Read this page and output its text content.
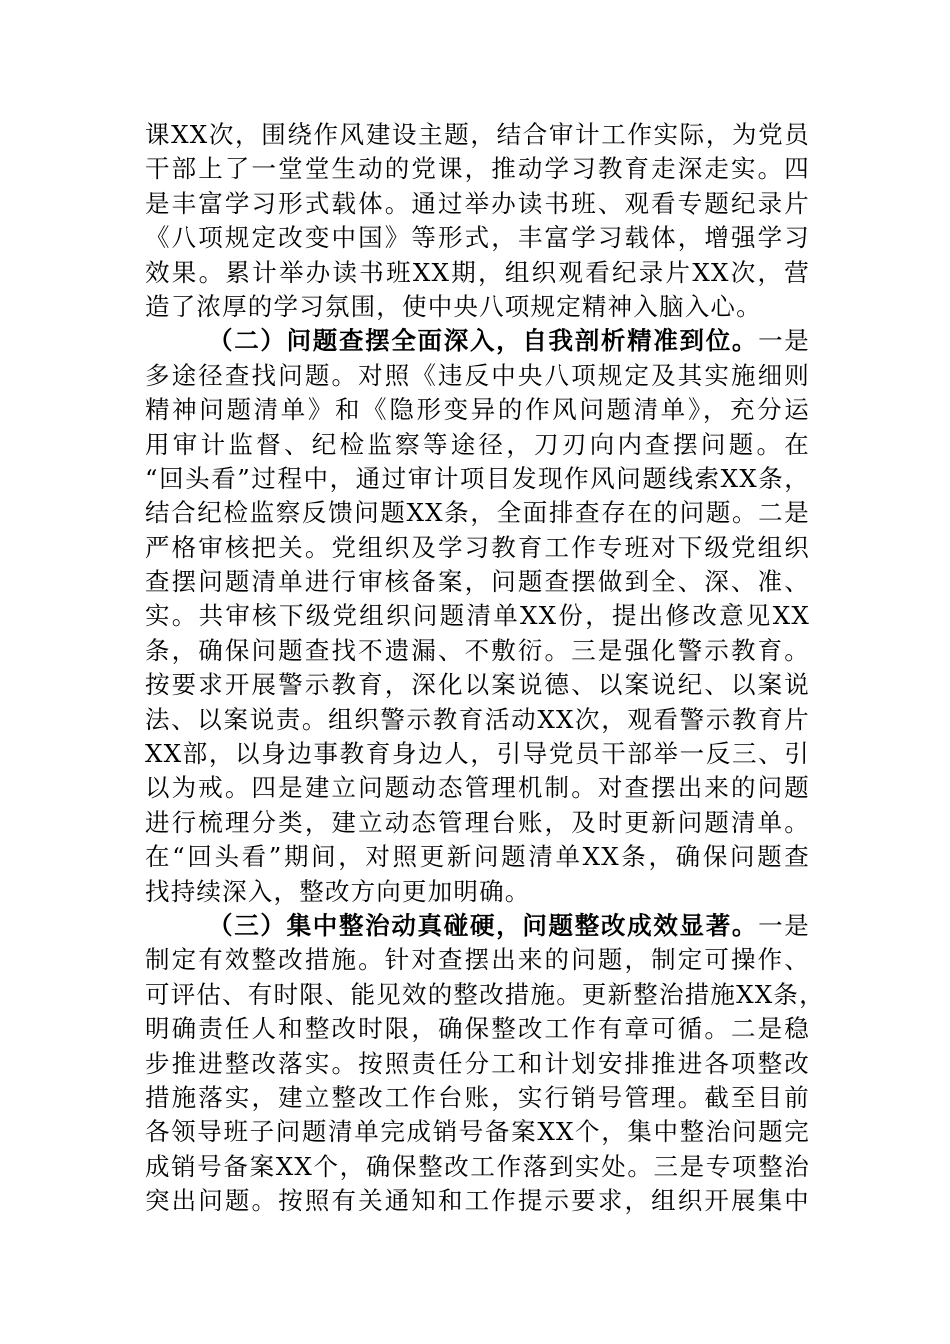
课XX次，围绕作风建设主题，结合审计工作实际，为党员
干部上了一堂堂生动的党课，推动学习教育走深走实。四
是丰富学习形式载体。通过举办读书班、观看专题纪录片
《八项规定改变中国》等形式，丰富学习载体，增强学习
效果。累计举办读书班XX期，组织观看纪录片XX次，营
造了浓厚的学习氛围，使中央八项规定精神入脑入心。
（二）问题查摆全面深入，自我剖析精准到位。一是
多途径查找问题。对照《违反中央八项规定及其实施细则
精神问题清单》和《隐形变异的作风问题清单》，充分运
用审计监督、纪检监察等途径，刀刃向内查摆问题。在
“回头看”过程中，通过审计项目发现作风问题线索XX条，
结合纪检监察反馈问题XX条，全面排查存在的问题。二是
严格审核把关。党组织及学习教育工作专班对下级党组织
查摆问题清单进行审核备案，问题查摆做到全、深、准、
实。共审核下级党组织问题清单XX份，提出修改意见XX
条，确保问题查找不遗漏、不敷衍。三是强化警示教育。
按要求开展警示教育，深化以案说德、以案说纪、以案说
法、以案说责。组织警示教育活动XX次，观看警示教育片
XX部，以身边事教育身边人，引导党员干部举一反三、引
以为戒。四是建立问题动态管理机制。对查摆出来的问题
进行梳理分类，建立动态管理台账，及时更新问题清单。
在“回头看”期间，对照更新问题清单XX条，确保问题查
找持续深入，整改方向更加明确。
（三）集中整治动真碰硬，问题整改成效显著。一是
制定有效整改措施。针对查摆出来的问题，制定可操作、
可评估、有时限、能见效的整改措施。更新整治措施XX条，
明确责任人和整改时限，确保整改工作有章可循。二是稳
步推进整改落实。按照责任分工和计划安排推进各项整改
措施落实，建立整改工作台账，实行销号管理。截至目前
各领导班子问题清单完成销号备案XX个，集中整治问题完
成销号备案XX个，确保整改工作落到实处。三是专项整治
突出问题。按照有关通知和工作提示要求，组织开展集中
